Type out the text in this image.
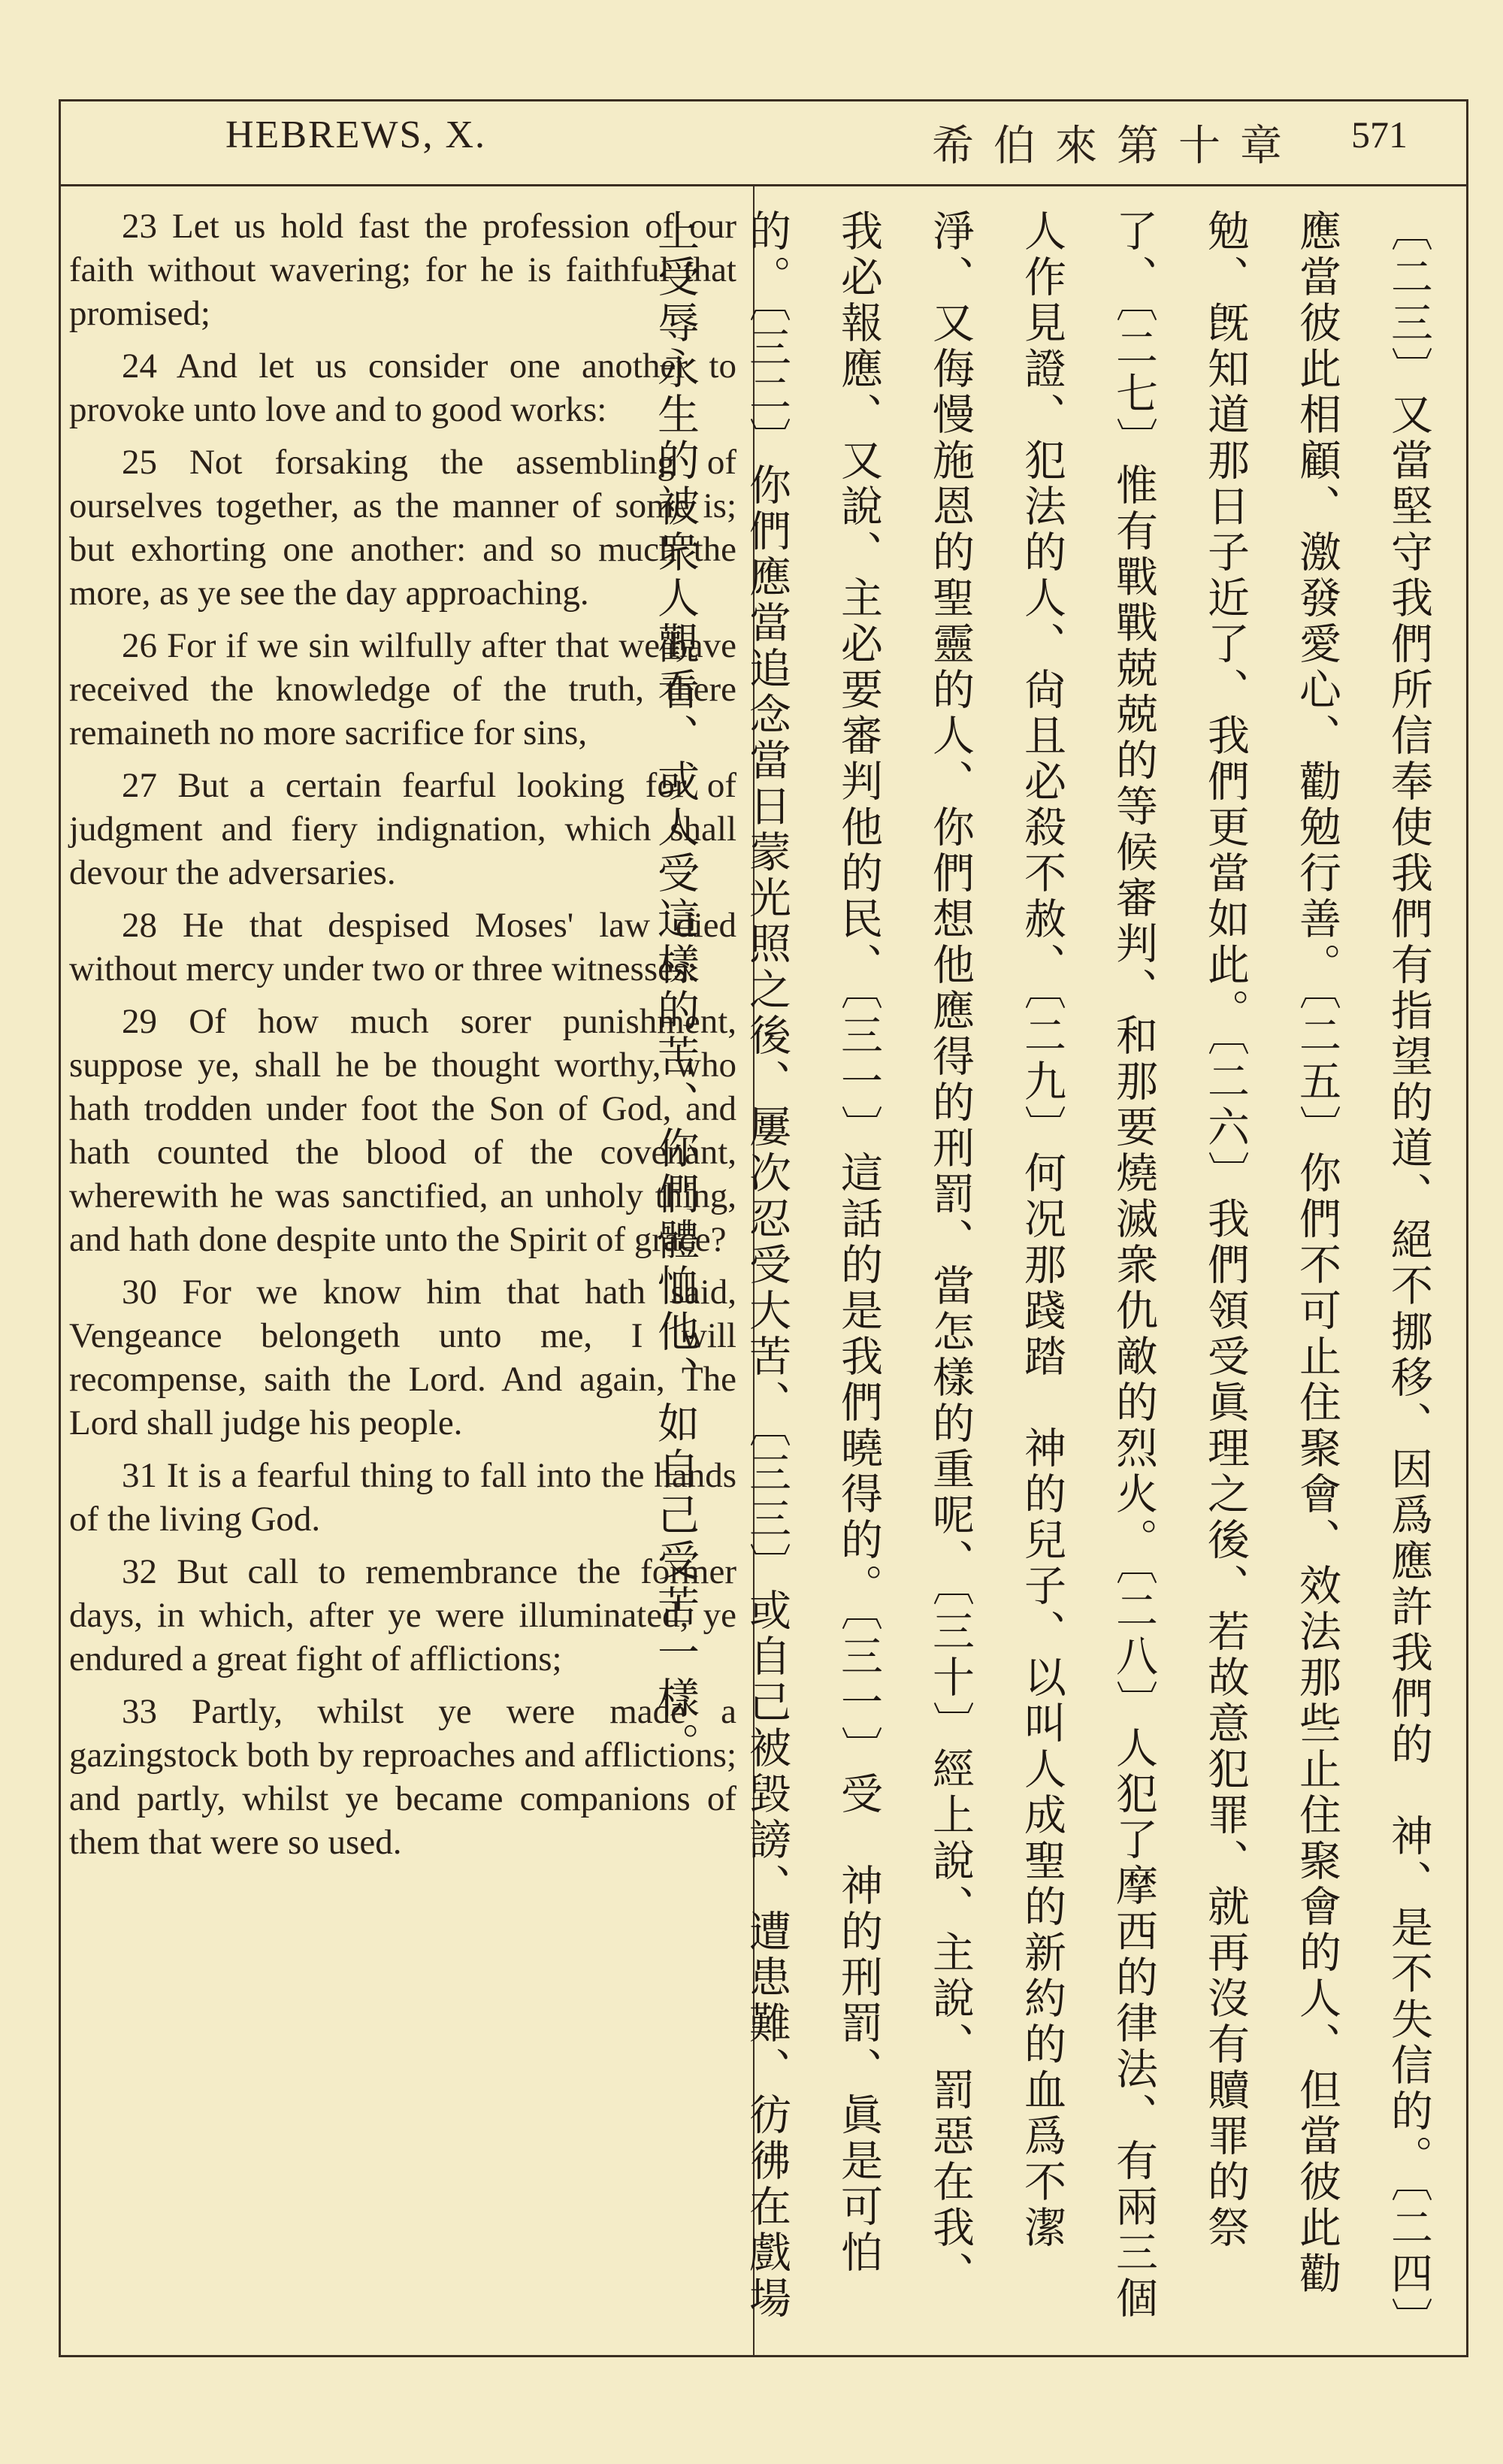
HEBREWS, X.	希伯來第十章 571

23 Let us hold fast the profession of our faith without wavering; for he is faithful that promised;

24 And let us consider one another to provoke unto love and to good works:

25 Not forsaking the assembling of ourselves together, as the manner of some is; but exhorting one another: and so much the more, as ye see the day approaching.

26 For if we sin wilfully after that we have received the knowledge of the truth, there remaineth no more sacrifice for sins,

27 But a certain fearful looking for of judgment and fiery indignation, which shall devour the adversaries.

28 He that despised Moses' law died without mercy under two or three witnesses:

29 Of how much sorer punishment, suppose ye, shall he be thought worthy, who hath trodden under foot the Son of God, and hath counted the blood of the covenant, wherewith he was sanctified, an unholy thing, and hath done despite unto the Spirit of grace?

30 For we know him that hath said, Vengeance belongeth unto me, I will recompense, saith the Lord. And again, The Lord shall judge his people.

31 It is a fearful thing to fall into the hands of the living God.

32 But call to remembrance the former days, in which, after ye were illuminated, ye endured a great fight of afflictions;

33 Partly, whilst ye were made a gazingstock both by reproaches and afflictions; and partly, whilst ye became companions of them that were so used.	〔二三〕又當堅守我們所信奉使我們有指望的道、絕不挪移、因爲應許我們的　神、是不失信的。〔二四〕應當彼此相顧、激發愛心、勸勉行善。〔二五〕你們不可止住聚會、效法那些止住聚會的人、但當彼此勸勉、旣知道那日子近了、我們更當如此。〔二六〕我們領受眞理之後、若故意犯罪、就再沒有贖罪的祭了、〔二七〕惟有戰戰兢兢的等候審判、和那要燒滅衆仇敵的烈火。〔二八〕人犯了摩西的律法、有兩三個人作見證、犯法的人、尙且必殺不赦、〔二九〕何况那踐踏　神的兒子、以叫人成聖的新約的血爲不潔淨、又侮慢施恩的聖靈的人、你們想他應得的刑罰、當怎樣的重呢、〔三十〕經上說、主說、罰惡在我、我必報應、又說、主必要審判他的民、〔三一〕這話的是我們曉得的。〔三一〕受　神的刑罰、眞是可怕的。〔三二〕你們應當追念當日蒙光照之後、屢次忍受大苦、〔三三〕或自己被毀謗、遭患難、彷彿在戲場上受辱永生的被衆人觀看、或人受這樣的苦、你們體恤他、如自己受苦一樣。
